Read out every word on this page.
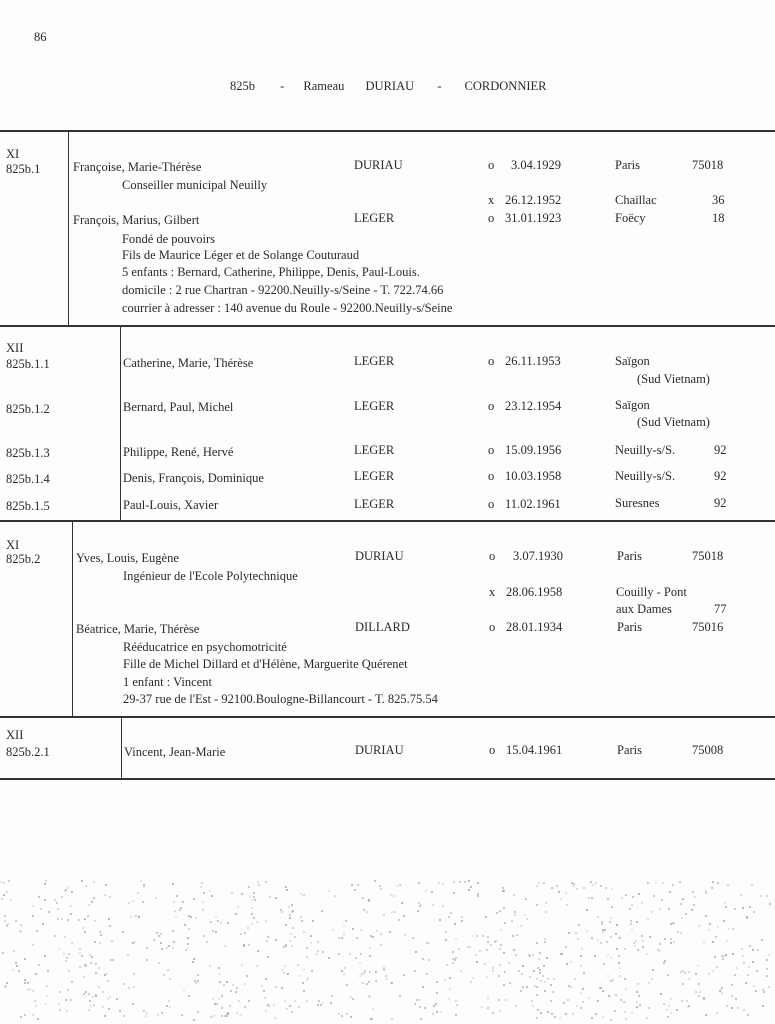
86
825b - Rameau DURIAU - CORDONNIER
XI
825b.1	Françoise, Marie-Thérèse	DURIAU	o 3.04.1929	Paris	75018
Conseiller municipal Neuilly
x 26.12.1952	Chaillac	36
François, Marius, Gilbert	LEGER	o 31.01.1923	Foëcy	18
Fondé de pouvoirs
Fils de Maurice Léger et de Solange Couturaud
5 enfants : Bernard, Catherine, Philippe, Denis, Paul-Louis.
domicile : 2 rue Chartran - 92200.Neuilly-s/Seine - T. 722.74.66
courrier à adresser : 140 avenue du Roule - 92200.Neuilly-s/Seine
XII
825b.1.1	Catherine, Marie, Thérèse	LEGER	o 26.11.1953	Saïgon
(Sud Vietnam)
825b.1.2	Bernard, Paul, Michel	LEGER	o 23.12.1954	Saïgon
(Sud Vietnam)
825b.1.3	Philippe, René, Hervé	LEGER	o 15.09.1956	Neuilly-s/S.	92
825b.1.4	Denis, François, Dominique	LEGER	o 10.03.1958	Neuilly-s/S.	92
825b.1.5	Paul-Louis, Xavier	LEGER	o 11.02.1961	Suresnes	92
XI
825b.2	Yves, Louis, Eugène	DURIAU	o 3.07.1930	Paris	75018
Ingénieur de l'Ecole Polytechnique
x 28.06.1958	Couilly - Pont
aux Dames	77
Béatrice, Marie, Thérèse	DILLARD	o 28.01.1934	Paris	75016
Rééducatrice en psychomotricité
Fille de Michel Dillard et d'Hélène, Marguerite Quérenet
1 enfant : Vincent
29-37 rue de l'Est - 92100.Boulogne-Billancourt - T. 825.75.54
XII
825b.2.1	Vincent, Jean-Marie	DURIAU	o 15.04.1961	Paris	75008
